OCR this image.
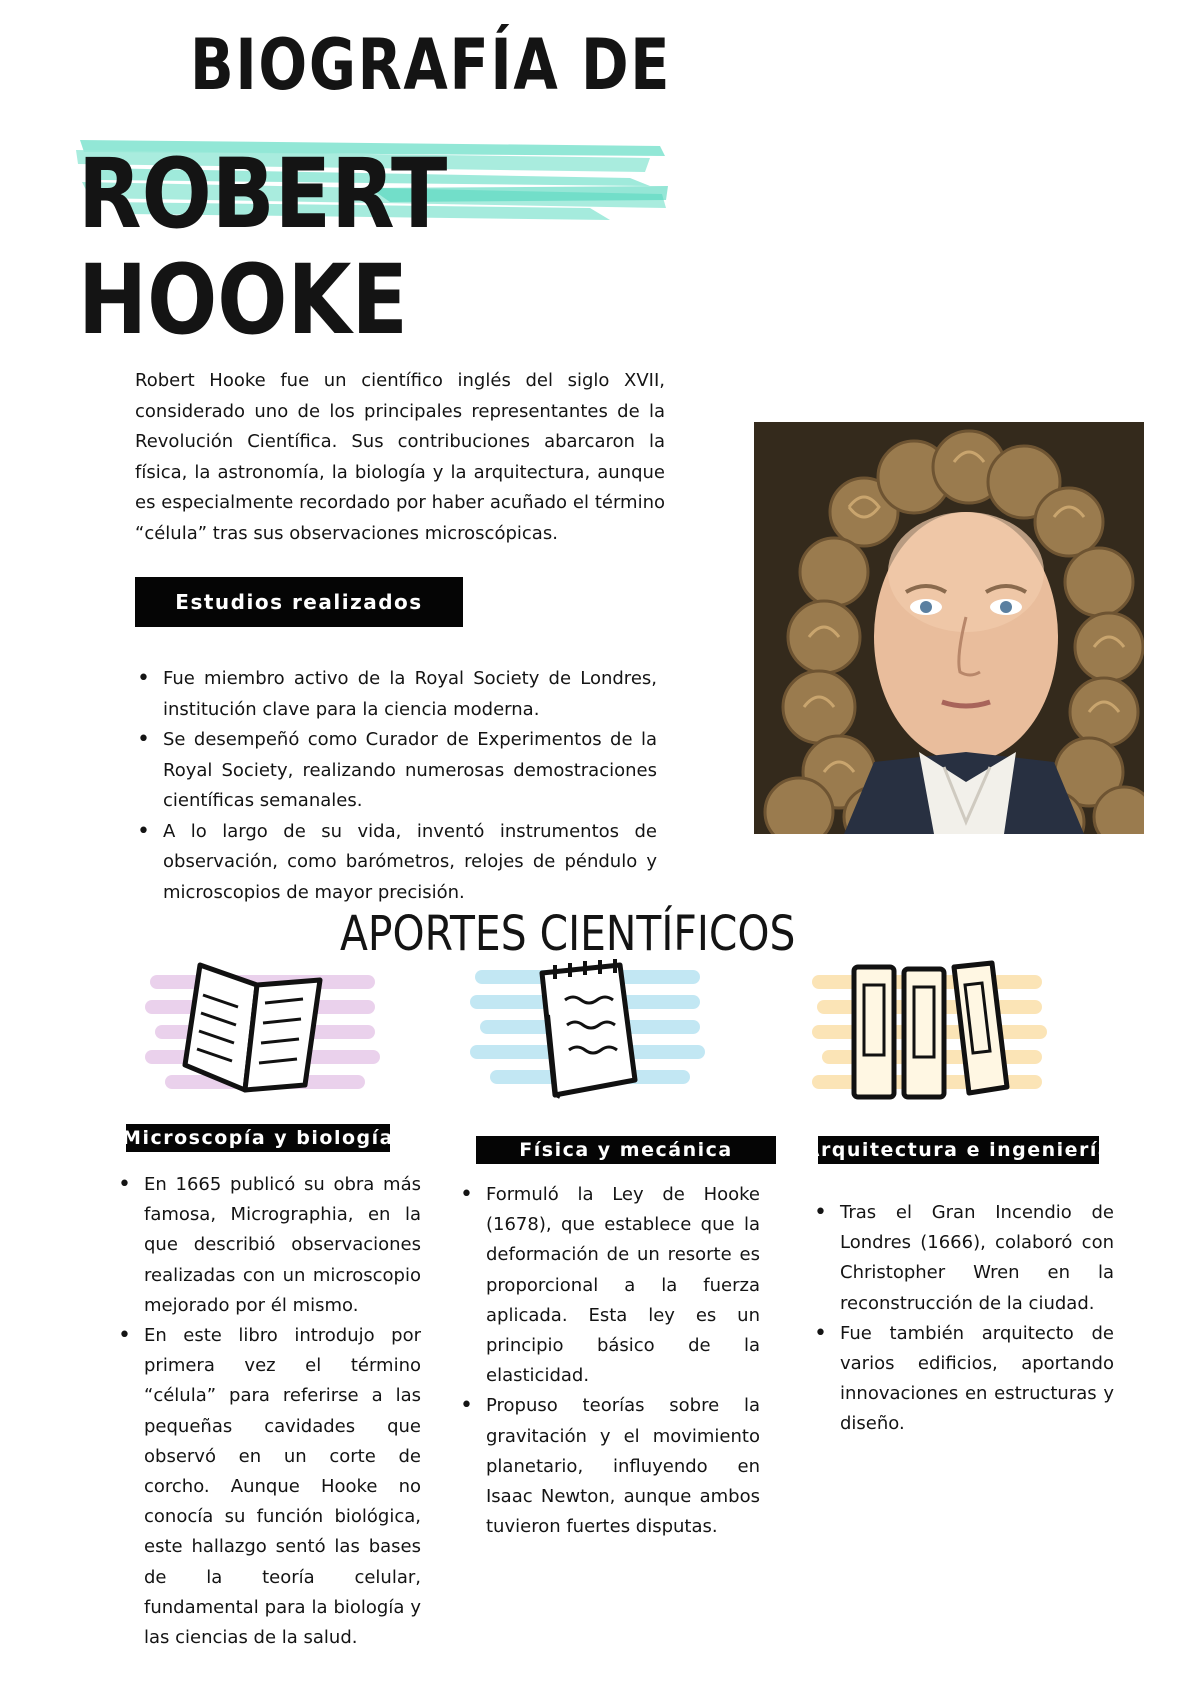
BIOGRAFÍA DE
ROBERT
HOOKE

Robert Hooke fue un científico inglés del siglo XVII, considerado uno de los principales representantes de la Revolución Científica. Sus contribuciones abarcaron la física, la astronomía, la biología y la arquitectura, aunque es especialmente recordado por haber acuñado el término “célula” tras sus observaciones microscópicas.

Estudios realizados
• Fue miembro activo de la Royal Society de Londres, institución clave para la ciencia moderna.
• Se desempeñó como Curador de Experimentos de la Royal Society, realizando numerosas demostraciones científicas semanales.
• A lo largo de su vida, inventó instrumentos de observación, como barómetros, relojes de péndulo y microscopios de mayor precisión.
APORTES CIENTÍFICOS
Microscopía y biología
Física y mecánica	Arquitectura e ingeniería
• En 1665 publicó su obra más famosa, Micrographia, en la que describió observaciones realizadas con un microscopio mejorado por él mismo.
• En este libro introdujo por primera vez el término “célula” para referirse a las pequeñas cavidades que observó en un corte de corcho. Aunque Hooke no conocía su función biológica, este hallazgo sentó las bases de la teoría celular, fundamental para la biología y las ciencias de la salud.
• Formuló la Ley de Hooke (1678), que establece que la deformación de un resorte es proporcional a la fuerza aplicada. Esta ley es un principio básico de la elasticidad.
• Propuso teorías sobre la gravitación y el movimiento planetario, influyendo en Isaac Newton, aunque ambos tuvieron fuertes disputas.
• Tras el Gran Incendio de Londres (1666), colaboró con Christopher Wren en la reconstrucción de la ciudad.
• Fue también arquitecto de varios edificios, aportando innovaciones en estructuras y diseño.
